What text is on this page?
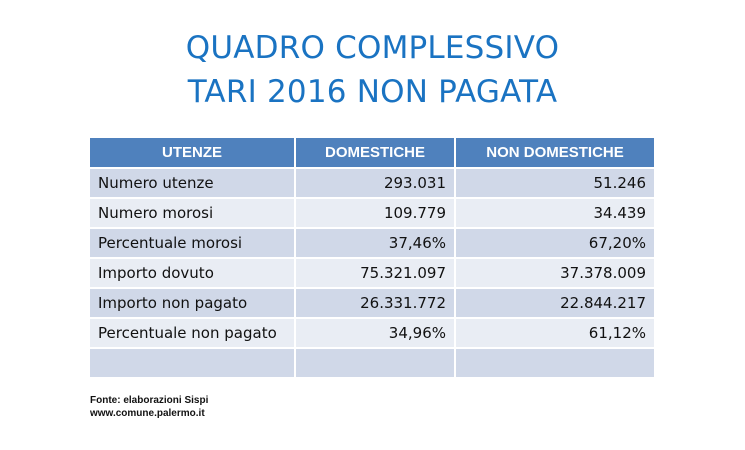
QUADRO COMPLESSIVO
TARI 2016 NON PAGATA
UTENZE	DOMESTICHE	NON DOMESTICHE
Numero utenze	293.031	51.246
Numero morosi	109.779	34.439
Percentuale morosi	37,46%	67,20%
Importo dovuto	75.321.097	37.378.009
Importo non pagato	26.331.772	22.844.217
Percentuale non pagato	34,96%	61,12%

Fonte: elaborazioni Sispi
www.comune.palermo.it
